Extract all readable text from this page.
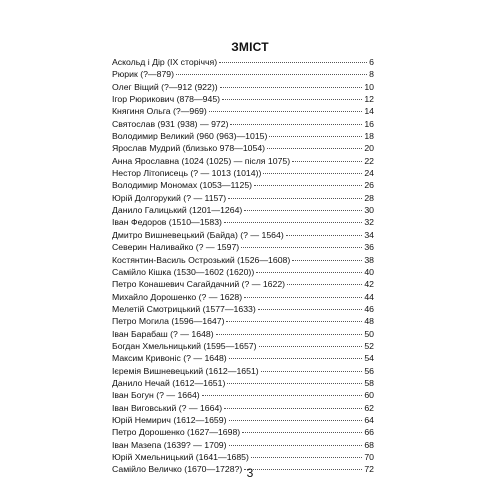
ЗМІСТ
Аскольд і Дір (IX сторіччя)	6
Рюрик (?—879)	8
Олег Віщий (?—912 (922))	10
Ігор Рюрикович (878—945)	12
Княгиня Ольга (?—969)	14
Святослав (931 (938) — 972)	16
Володимир Великий (960 (963)—1015)	18
Ярослав Мудрий (близько 978—1054)	20
Анна Ярославна (1024 (1025) — після 1075)	22
Нестор Літописець (? — 1013 (1014))	24
Володимир Мономах (1053—1125)	26
Юрій Долгорукий (? — 1157)	28
Данило Галицький (1201—1264)	30
Іван Федоров (1510—1583)	32
Дмитро Вишневецький (Байда) (? — 1564)	34
Северин Наливайко (? — 1597)	36
Костянтин-Василь Острозький (1526—1608)	38
Самійло Кішка (1530—1602 (1620))	40
Петро Конашевич Сагайдачний (? — 1622)	42
Михайло Дорошенко (? — 1628)	44
Мелетій Смотрицький (1577—1633)	46
Петро Могила (1596—1647)	48
Іван Барабаш (? — 1648)	50
Богдан Хмельницький (1595—1657)	52
Максим Кривоніс (? — 1648)	54
Ієремія Вишневецький (1612—1651)	56
Данило Нечай (1612—1651)	58
Іван Богун (? — 1664)	60
Іван Виговський (? — 1664)	62
Юрій Немирич (1612—1659)	64
Петро Дорошенко (1627—1698)	66
Іван Мазепа (1639? — 1709)	68
Юрій Хмельницький (1641—1685)	70
Самійло Величко (1670—1728?)	72
3
